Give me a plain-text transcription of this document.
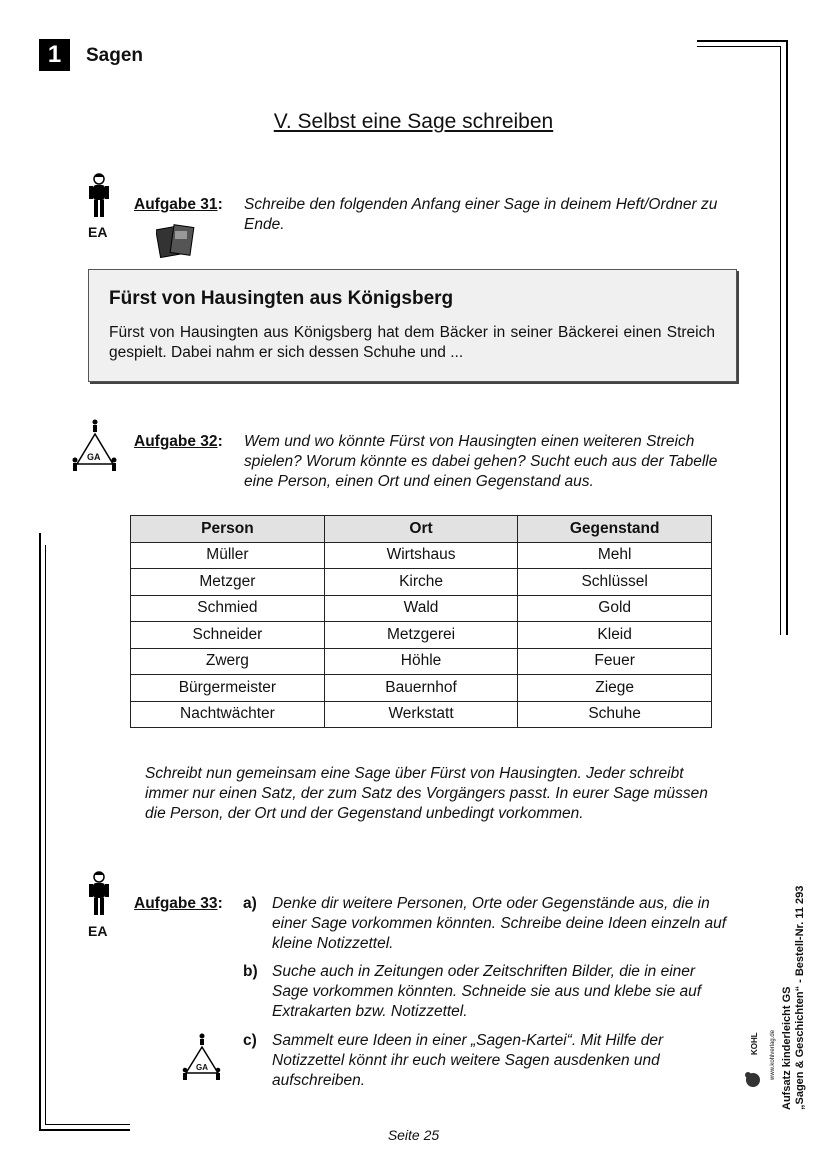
1	Sagen
V. Selbst eine Sage schreiben
EA
Aufgabe 31: Schreibe den folgenden Anfang einer Sage in deinem Heft/Ordner zu Ende.
Fürst von Hausingten aus Königsberg
Fürst von Hausingten aus Königsberg hat dem Bäcker in seiner Bäckerei einen Streich gespielt. Dabei nahm er sich dessen Schuhe und ...
GA
Aufgabe 32: Wem und wo könnte Fürst von Hausingten einen weiteren Streich spielen? Worum könnte es dabei gehen? Sucht euch aus der Tabelle eine Person, einen Ort und einen Gegenstand aus.
Person	Ort	Gegenstand
Müller	Wirtshaus	Mehl
Metzger	Kirche	Schlüssel
Schmied	Wald	Gold
Schneider	Metzgerei	Kleid
Zwerg	Höhle	Feuer
Bürgermeister	Bauernhof	Ziege
Nachtwächter	Werkstatt	Schuhe
Schreibt nun gemeinsam eine Sage über Fürst von Hausingten. Jeder schreibt immer nur einen Satz, der zum Satz des Vorgängers passt. In eurer Sage müssen die Person, der Ort und der Gegenstand unbedingt vorkommen.
EA
Aufgabe 33: a) Denke dir weitere Personen, Orte oder Gegenstände aus, die in einer Sage vorkommen könnten. Schreibe deine Ideen einzeln auf kleine Notizzettel.
b) Suche auch in Zeitungen oder Zeitschriften Bilder, die in einer Sage vorkommen könnten. Schneide sie aus und klebe sie auf Extrakarten bzw. Notizzettel.
GA
c) Sammelt eure Ideen in einer „Sagen-Kartei“. Mit Hilfe der Notizzettel könnt ihr euch weitere Sagen ausdenken und aufschreiben.	Aufsatz kinderleicht GS „Sagen & Geschichten“ - Bestell-Nr. 11 293
KOHL www.kohlverlag.de
Seite 25
